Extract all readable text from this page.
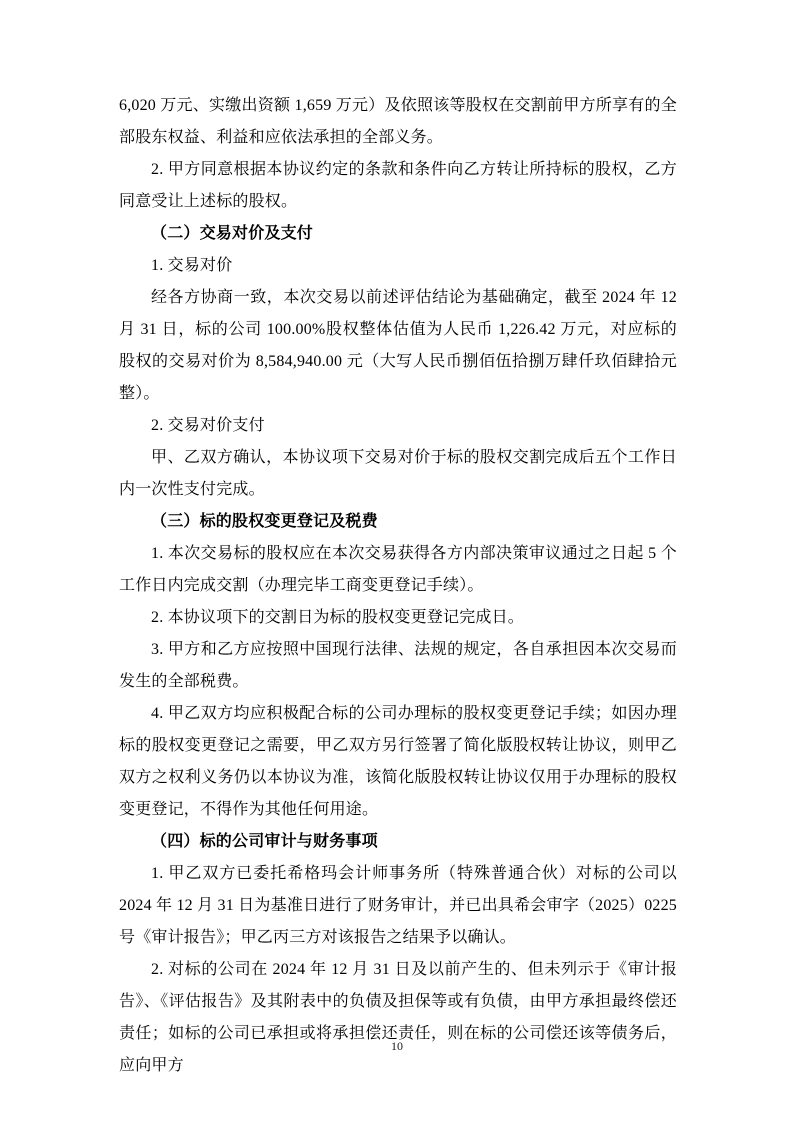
6,020 万元、实缴出资额 1,659 万元）及依照该等股权在交割前甲方所享有的全部股东权益、利益和应依法承担的全部义务。

2. 甲方同意根据本协议约定的条款和条件向乙方转让所持标的股权，乙方同意受让上述标的股权。

（二）交易对价及支付

1. 交易对价

经各方协商一致，本次交易以前述评估结论为基础确定，截至 2024 年 12 月 31 日，标的公司 100.00%股权整体估值为人民币 1,226.42 万元，对应标的股权的交易对价为 8,584,940.00 元（大写人民币捌佰伍拾捌万肆仟玖佰肆拾元整）。

2. 交易对价支付

甲、乙双方确认，本协议项下交易对价于标的股权交割完成后五个工作日内一次性支付完成。

（三）标的股权变更登记及税费

1. 本次交易标的股权应在本次交易获得各方内部决策审议通过之日起 5 个工作日内完成交割（办理完毕工商变更登记手续）。

2. 本协议项下的交割日为标的股权变更登记完成日。

3. 甲方和乙方应按照中国现行法律、法规的规定，各自承担因本次交易而发生的全部税费。

4. 甲乙双方均应积极配合标的公司办理标的股权变更登记手续；如因办理标的股权变更登记之需要，甲乙双方另行签署了简化版股权转让协议，则甲乙双方之权利义务仍以本协议为准，该简化版股权转让协议仅用于办理标的股权变更登记，不得作为其他任何用途。

（四）标的公司审计与财务事项

1. 甲乙双方已委托希格玛会计师事务所（特殊普通合伙）对标的公司以 2024 年 12 月 31 日为基准日进行了财务审计，并已出具希会审字（2025）0225 号《审计报告》；甲乙丙三方对该报告之结果予以确认。

2. 对标的公司在 2024 年 12 月 31 日及以前产生的、但未列示于《审计报告》、《评估报告》及其附表中的负债及担保等或有负债，由甲方承担最终偿还责任；如标的公司已承担或将承担偿还责任，则在标的公司偿还该等债务后，应向甲方

10
